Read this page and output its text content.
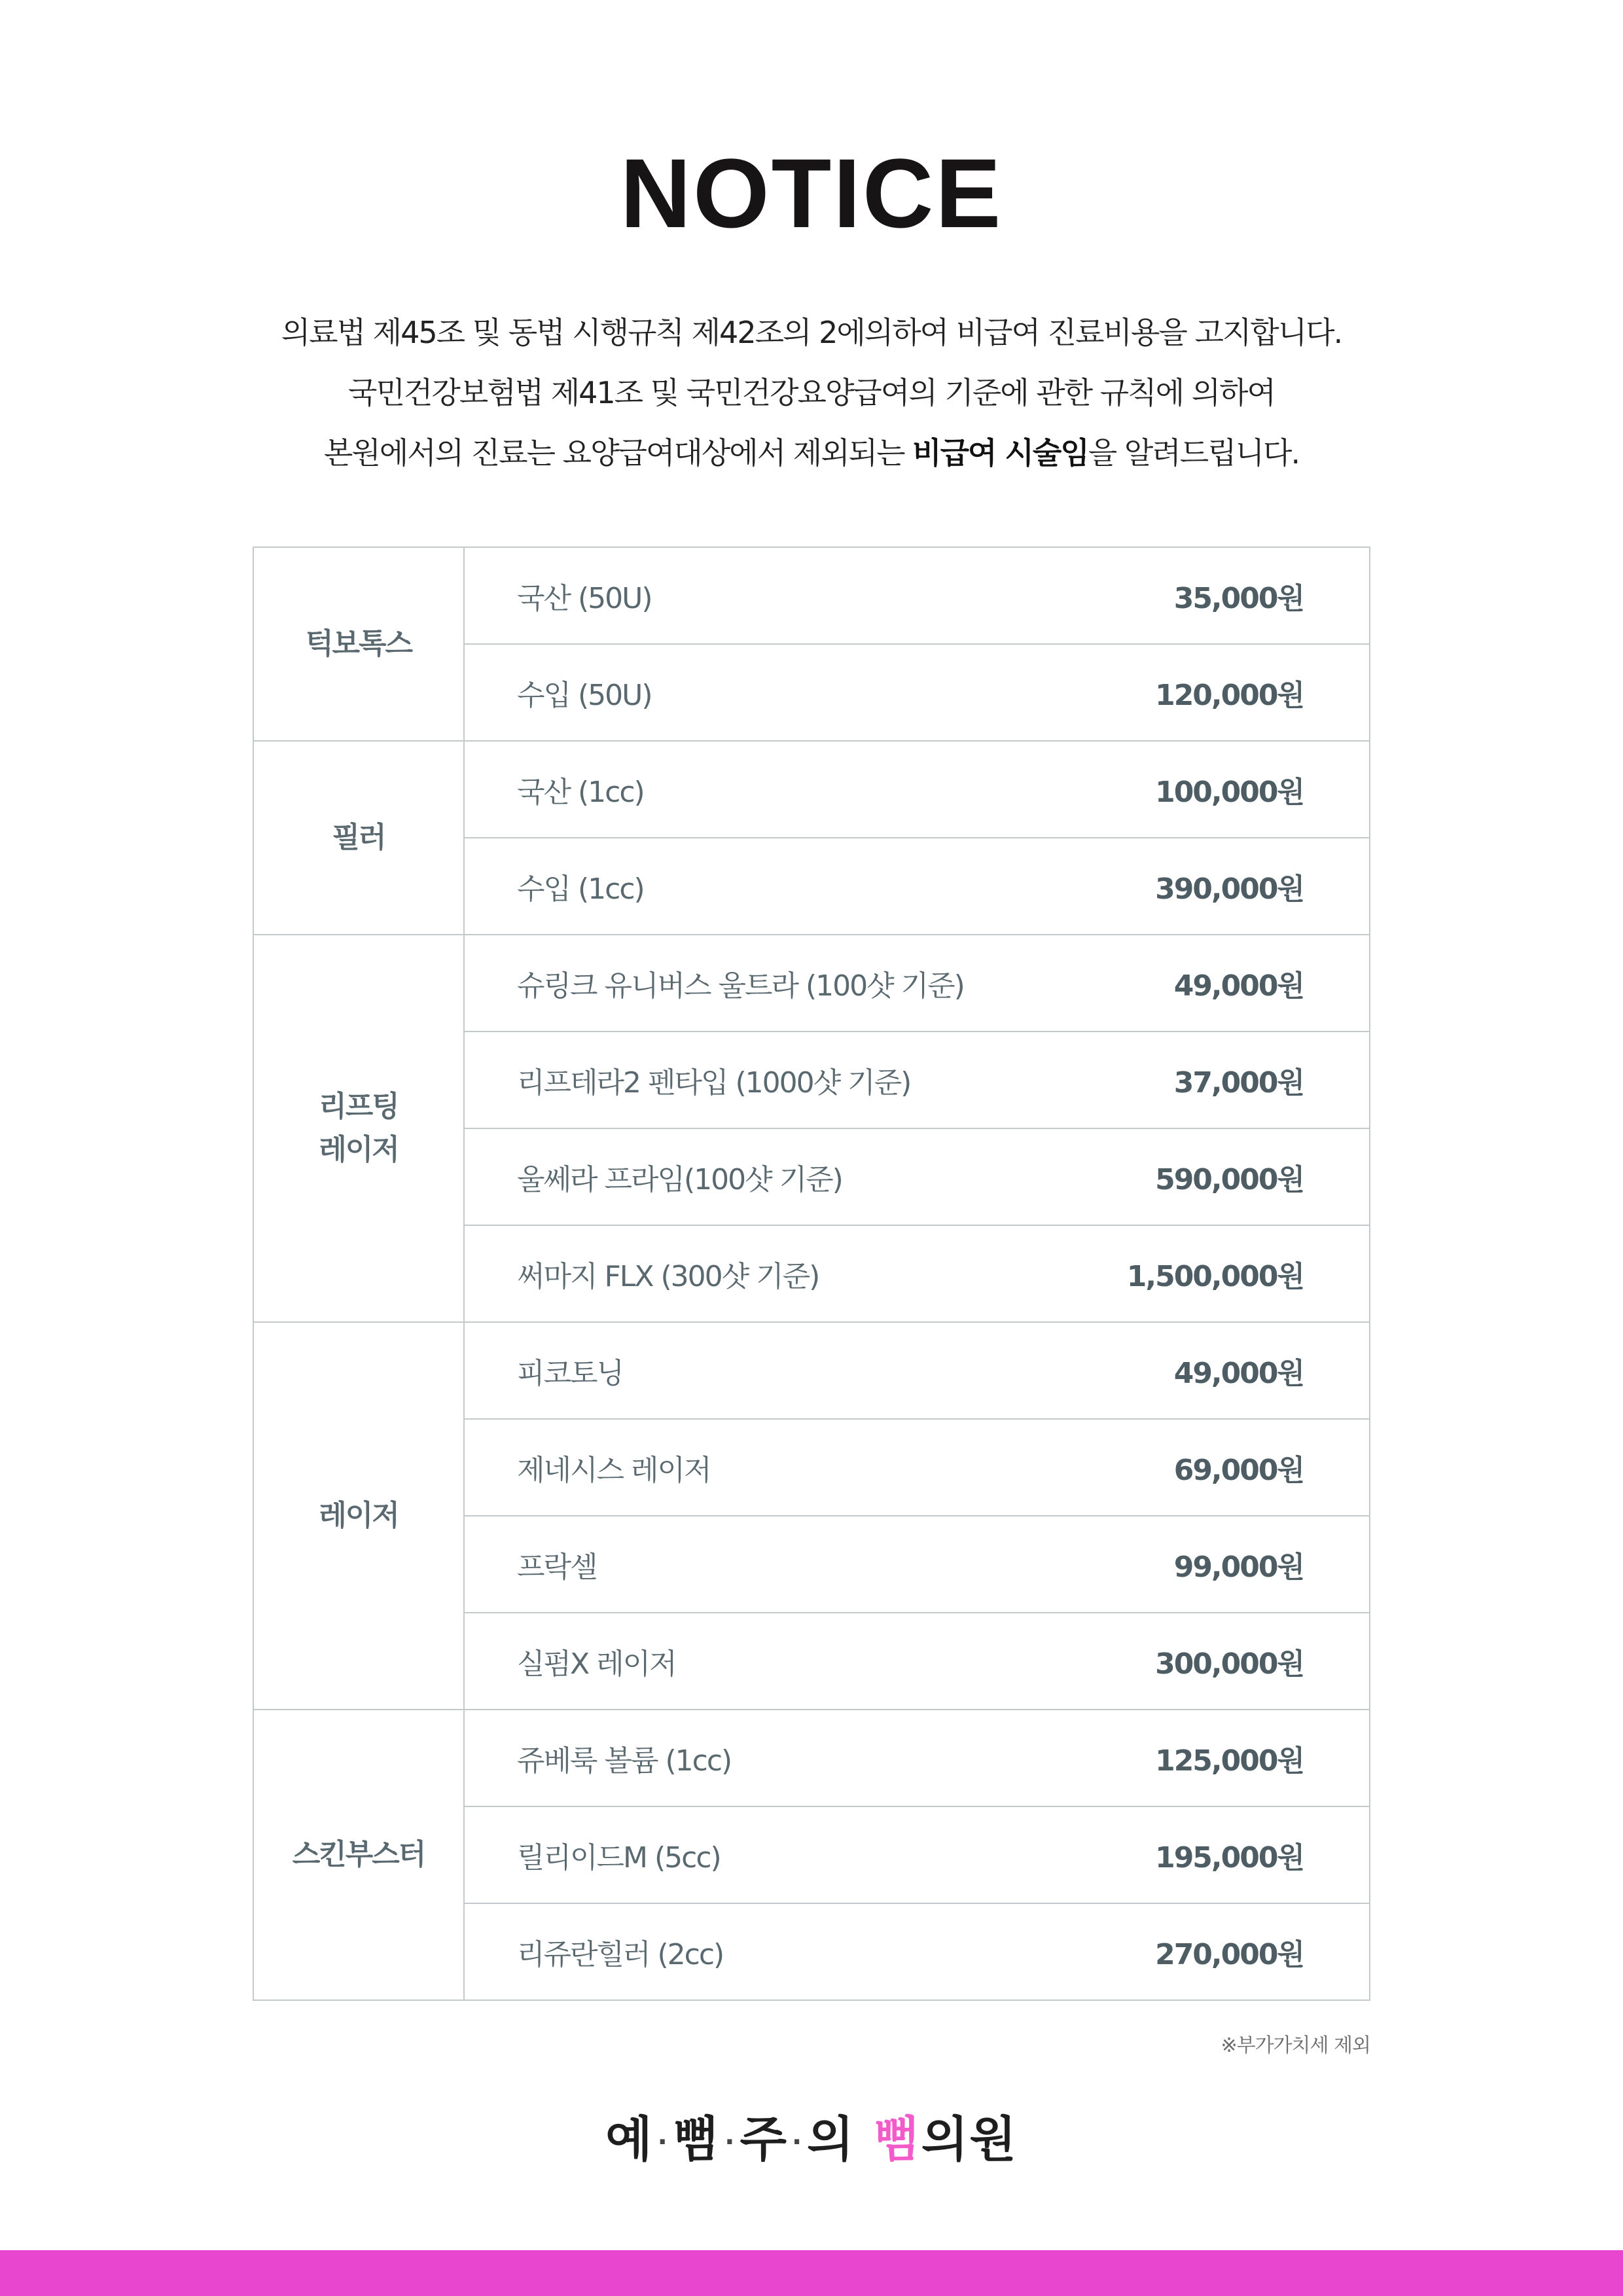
NOTICE
의료법 제45조 및 동법 시행규칙 제42조의 2에의하여 비급여 진료비용을 고지합니다.
국민건강보험법 제41조 및 국민건강요양급여의 기준에 관한 규칙에 의하여
본원에서의 진료는 요양급여대상에서 제외되는 비급여 시술임을 알려드립니다.
턱보톡스	국산 (50U) 35,000원

	수입 (50U) 120,000원

필러	국산 (1cc) 100,000원

	수입 (1cc) 390,000원

리프팅
레이저	슈링크 유니버스 울트라 (100샷 기준) 49,000원

	리프테라2 펜타입 (1000샷 기준) 37,000원

	울쎄라 프라임(100샷 기준) 590,000원

	써마지 FLX (300샷 기준) 1,500,000원

레이저	피코토닝 49,000원

	제네시스 레이저 69,000원

	프락셀 99,000원

	실펌X 레이저 300,000원

스킨부스터	쥬베룩 볼륨 (1cc) 125,000원

	릴리이드M (5cc) 195,000원

	리쥬란힐러 (2cc) 270,000원
※부가가치세 제외
예 ·뻠 ·주 ·의 뻠의원
